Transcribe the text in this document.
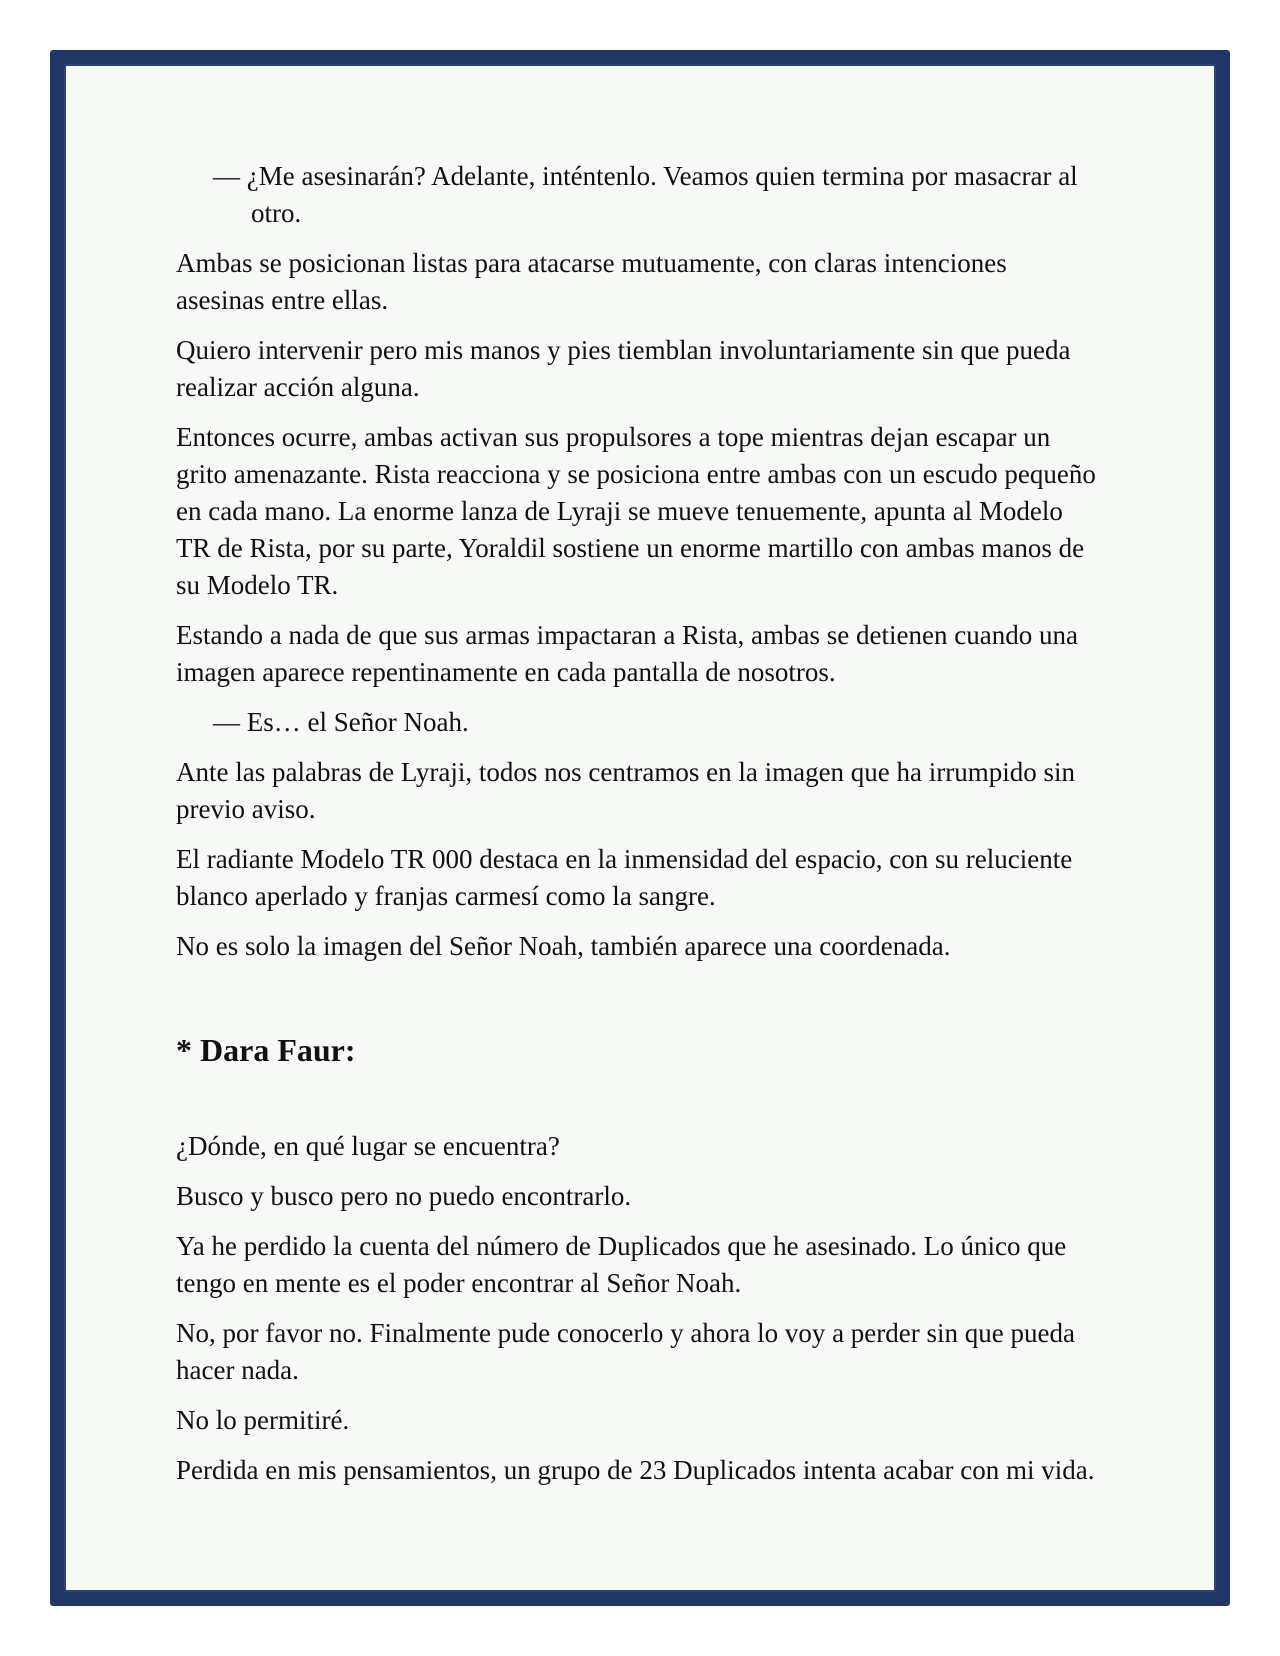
— ¿Me asesinarán? Adelante, inténtenlo. Veamos quien termina por masacrar al otro.

Ambas se posicionan listas para atacarse mutuamente, con claras intenciones asesinas entre ellas.

Quiero intervenir pero mis manos y pies tiemblan involuntariamente sin que pueda realizar acción alguna.

Entonces ocurre, ambas activan sus propulsores a tope mientras dejan escapar un grito amenazante. Rista reacciona y se posiciona entre ambas con un escudo pequeño en cada mano. La enorme lanza de Lyraji se mueve tenuemente, apunta al Modelo TR de Rista, por su parte, Yoraldil sostiene un enorme martillo con ambas manos de su Modelo TR.

Estando a nada de que sus armas impactaran a Rista, ambas se detienen cuando una imagen aparece repentinamente en cada pantalla de nosotros.

— Es… el Señor Noah.

Ante las palabras de Lyraji, todos nos centramos en la imagen que ha irrumpido sin previo aviso.

El radiante Modelo TR 000 destaca en la inmensidad del espacio, con su reluciente blanco aperlado y franjas carmesí como la sangre.

No es solo la imagen del Señor Noah, también aparece una coordenada.

* Dara Faur:

¿Dónde, en qué lugar se encuentra?

Busco y busco pero no puedo encontrarlo.

Ya he perdido la cuenta del número de Duplicados que he asesinado. Lo único que tengo en mente es el poder encontrar al Señor Noah.

No, por favor no. Finalmente pude conocerlo y ahora lo voy a perder sin que pueda hacer nada.

No lo permitiré.

Perdida en mis pensamientos, un grupo de 23 Duplicados intenta acabar con mi vida.
